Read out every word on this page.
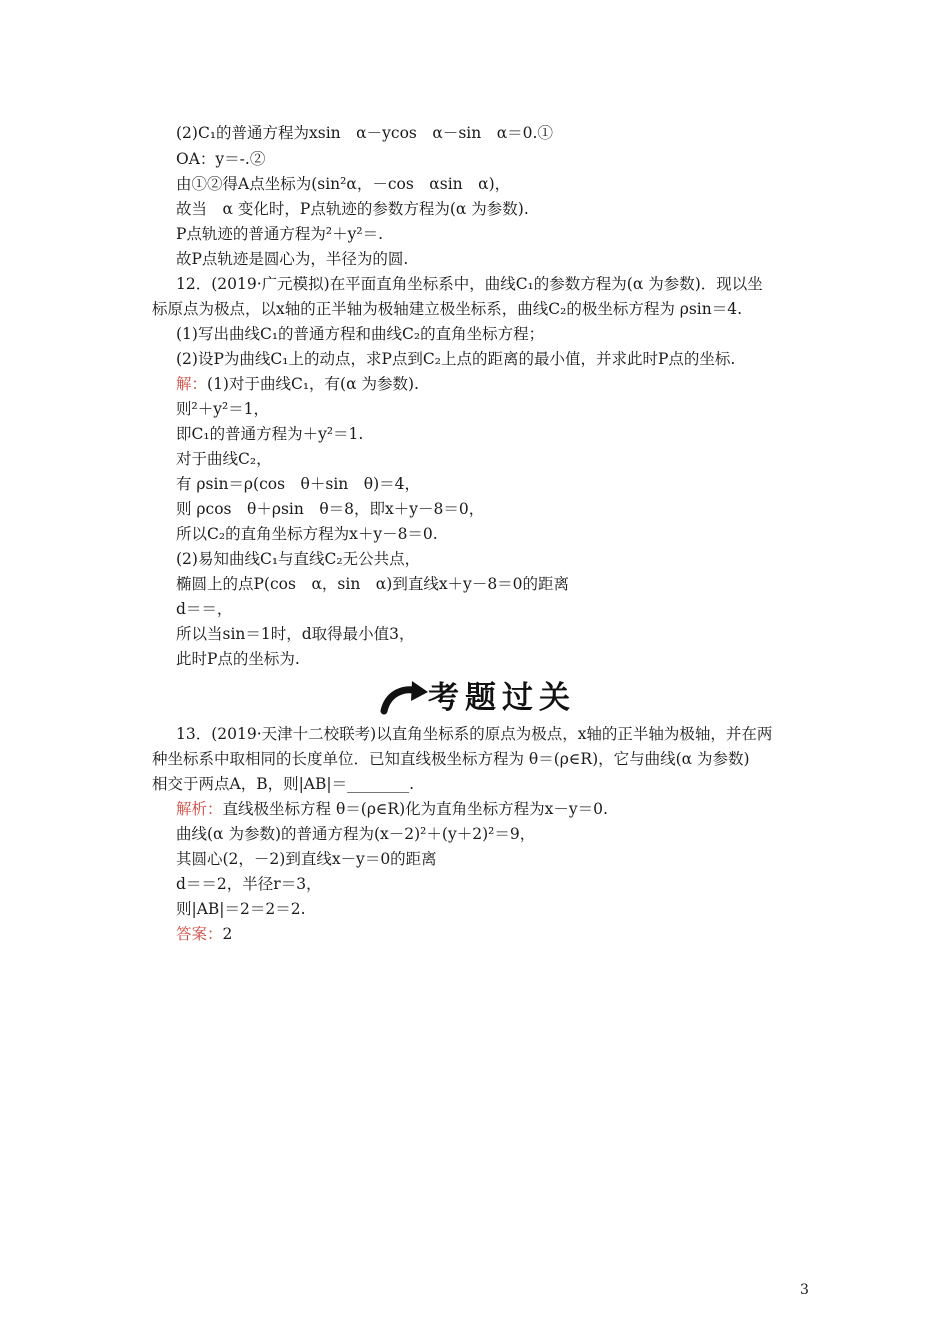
(2)C₁的普通方程为xsin　α－ycos　α－sin　α＝0.①
OA：y＝-.②
由①②得A点坐标为(sin²α，－cos　αsin　α)，
故当　α 变化时，P点轨迹的参数方程为(α 为参数).
P点轨迹的普通方程为²＋y²＝.
故P点轨迹是圆心为，半径为的圆.
12．(2019·广元模拟)在平面直角坐标系中，曲线C₁的参数方程为(α 为参数)．现以坐
标原点为极点，以x轴的正半轴为极轴建立极坐标系，曲线C₂的极坐标方程为 ρsin＝4.
(1)写出曲线C₁的普通方程和曲线C₂的直角坐标方程；
(2)设P为曲线C₁上的动点，求P点到C₂上点的距离的最小值，并求此时P点的坐标.
解：(1)对于曲线C₁，有(α 为参数).
则²＋y²＝1，
即C₁的普通方程为＋y²＝1.
对于曲线C₂，
有 ρsin＝ρ(cos　θ＋sin　θ)＝4，
则 ρcos　θ＋ρsin　θ＝8，即x＋y－8＝0，
所以C₂的直角坐标方程为x＋y－8＝0.
(2)易知曲线C₁与直线C₂无公共点，
椭圆上的点P(cos　α，sin　α)到直线x＋y－8＝0的距离
d＝＝，
所以当sin＝1时，d取得最小值3，
此时P点的坐标为.
考题过关
13．(2019·天津十二校联考)以直角坐标系的原点为极点，x轴的正半轴为极轴，并在两
种坐标系中取相同的长度单位．已知直线极坐标方程为 θ＝(ρ∈R)，它与曲线(α 为参数)
相交于两点A，B，则|AB|＝________.
解析：直线极坐标方程 θ＝(ρ∈R)化为直角坐标方程为x－y＝0.
曲线(α 为参数)的普通方程为(x－2)²＋(y＋2)²＝9，
其圆心(2，－2)到直线x－y＝0的距离
d＝＝2，半径r＝3，
则|AB|＝2＝2＝2.
答案：2
3
